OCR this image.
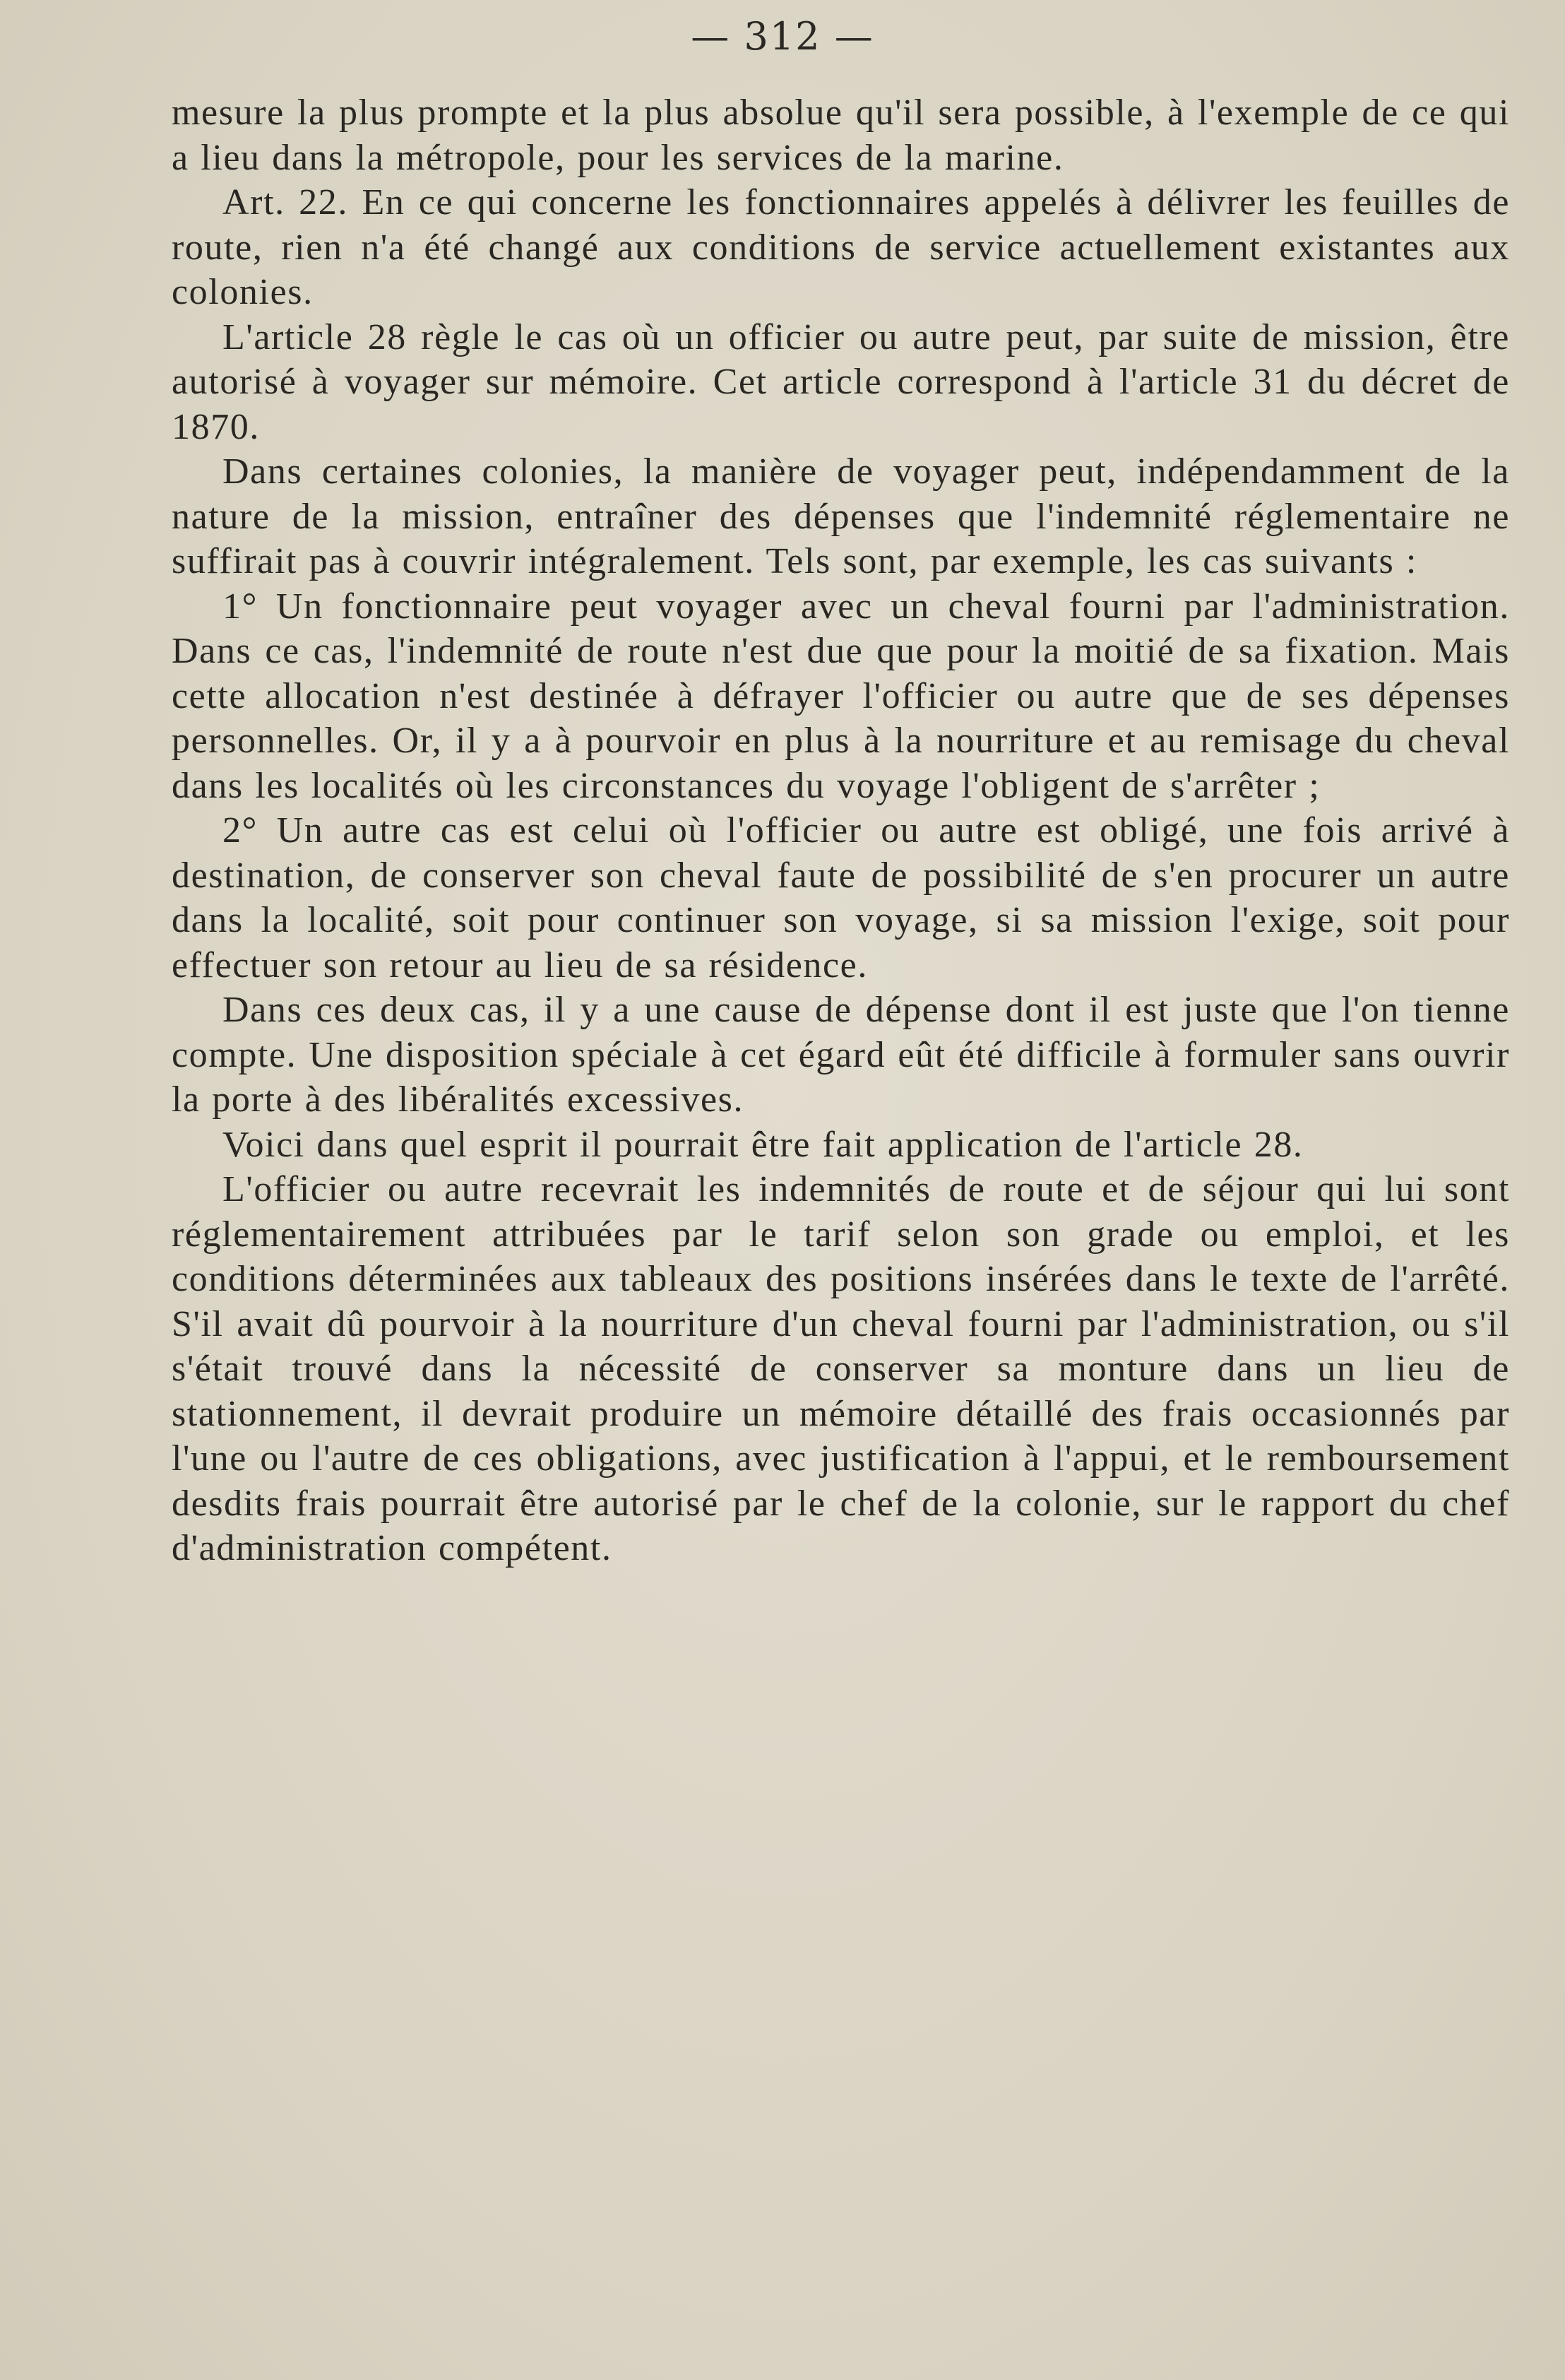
— 312 —

mesure la plus prompte et la plus absolue qu'il sera possible, à l'exemple de ce qui a lieu dans la métropole, pour les services de la marine.

Art. 22. En ce qui concerne les fonctionnaires appelés à délivrer les feuilles de route, rien n'a été changé aux conditions de service actuellement existantes aux colonies.

L'article 28 règle le cas où un officier ou autre peut, par suite de mission, être autorisé à voyager sur mémoire. Cet article correspond à l'article 31 du décret de 1870.

Dans certaines colonies, la manière de voyager peut, indépendamment de la nature de la mission, entraîner des dépenses que l'indemnité réglementaire ne suffirait pas à couvrir intégralement. Tels sont, par exemple, les cas suivants :

1° Un fonctionnaire peut voyager avec un cheval fourni par l'administration. Dans ce cas, l'indemnité de route n'est due que pour la moitié de sa fixation. Mais cette allocation n'est destinée à défrayer l'officier ou autre que de ses dépenses personnelles. Or, il y a à pourvoir en plus à la nourriture et au remisage du cheval dans les localités où les circonstances du voyage l'obligent de s'arrêter ;

2° Un autre cas est celui où l'officier ou autre est obligé, une fois arrivé à destination, de conserver son cheval faute de possibilité de s'en procurer un autre dans la localité, soit pour continuer son voyage, si sa mission l'exige, soit pour effectuer son retour au lieu de sa résidence.

Dans ces deux cas, il y a une cause de dépense dont il est juste que l'on tienne compte. Une disposition spéciale à cet égard eût été difficile à formuler sans ouvrir la porte à des libéralités excessives.

Voici dans quel esprit il pourrait être fait application de l'article 28.

L'officier ou autre recevrait les indemnités de route et de séjour qui lui sont réglementairement attribuées par le tarif selon son grade ou emploi, et les conditions déterminées aux tableaux des positions insérées dans le texte de l'arrêté. S'il avait dû pourvoir à la nourriture d'un cheval fourni par l'administration, ou s'il s'était trouvé dans la nécessité de conserver sa monture dans un lieu de stationnement, il devrait produire un mémoire détaillé des frais occasionnés par l'une ou l'autre de ces obligations, avec justification à l'appui, et le remboursement desdits frais pourrait être autorisé par le chef de la colonie, sur le rapport du chef d'administration compétent.
